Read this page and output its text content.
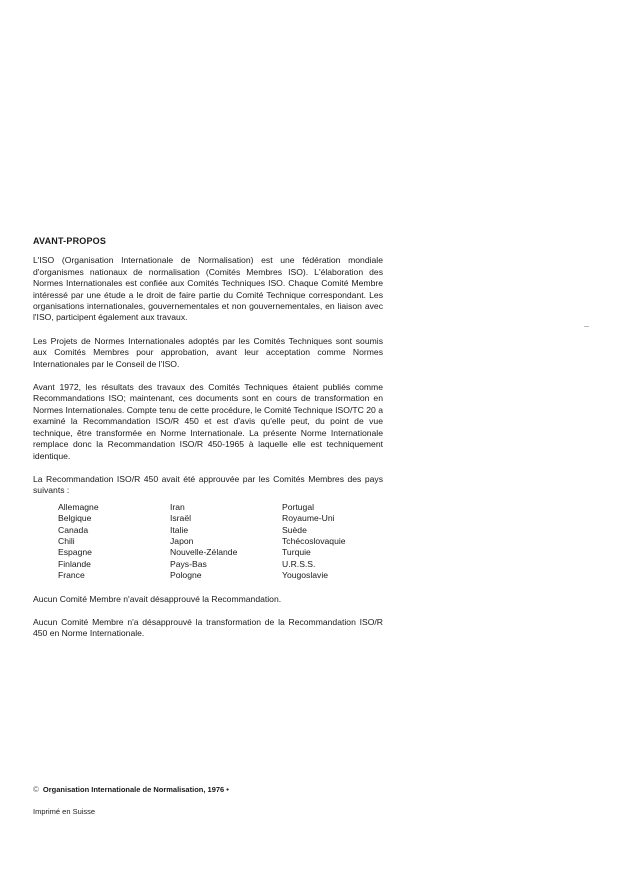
AVANT-PROPOS

L'ISO (Organisation Internationale de Normalisation) est une fédération mondiale d'organismes nationaux de normalisation (Comités Membres ISO). L'élaboration des Normes Internationales est confiée aux Comités Techniques ISO. Chaque Comité Membre intéressé par une étude a le droit de faire partie du Comité Technique correspondant. Les organisations internationales, gouvernementales et non gouvernementales, en liaison avec l'ISO, participent également aux travaux.

Les Projets de Normes Internationales adoptés par les Comités Techniques sont soumis aux Comités Membres pour approbation, avant leur acceptation comme Normes Internationales par le Conseil de l'ISO.

Avant 1972, les résultats des travaux des Comités Techniques étaient publiés comme Recommandations ISO; maintenant, ces documents sont en cours de transformation en Normes Internationales. Compte tenu de cette procédure, le Comité Technique ISO/TC 20 a examiné la Recommandation ISO/R 450 et est d'avis qu'elle peut, du point de vue technique, être transformée en Norme Internationale. La présente Norme Internationale remplace donc la Recommandation ISO/R 450-1965 à laquelle elle est techniquement identique.

La Recommandation ISO/R 450 avait été approuvée par les Comités Membres des pays suivants :

Allemagne	Iran	Portugal
Belgique	Israël	Royaume-Uni
Canada	Italie	Suède
Chili	Japon	Tchécoslovaquie
Espagne	Nouvelle-Zélande	Turquie
Finlande	Pays-Bas	U.R.S.S.
France	Pologne	Yougoslavie

Aucun Comité Membre n'avait désapprouvé la Recommandation.

Aucun Comité Membre n'a désapprouvé la transformation de la Recommandation ISO/R 450 en Norme Internationale.

© Organisation Internationale de Normalisation, 1976 •
Imprimé en Suisse
